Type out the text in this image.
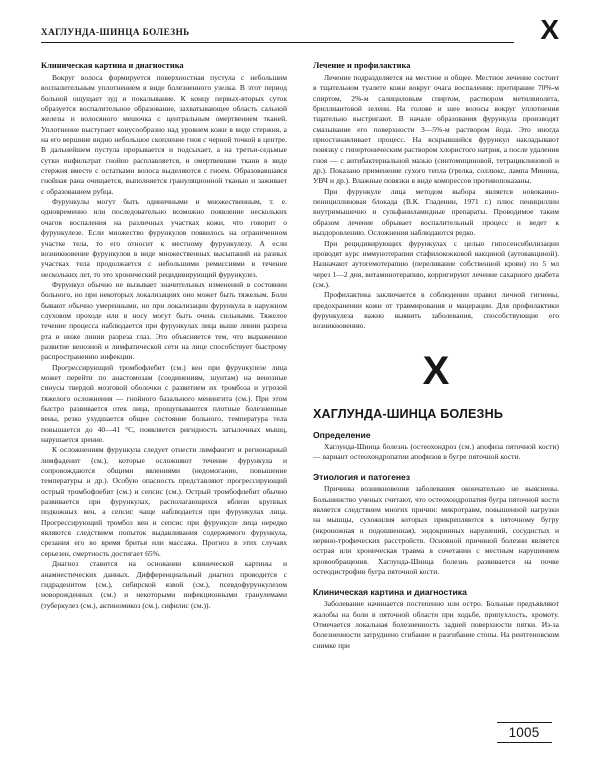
ХАГЛУНДА-ШИНЦА БОЛЕЗНЬ	Х
Клиническая картина и диагностика

Вокруг волоса формируется поверхностная пустула с небольшим воспалительным уплотнением в виде болезненного узелка. В этот период больной ощущает зуд и покалывание. К концу первых-вторых суток образуется воспалительное образование, захватывающее область сальной железы и волосяного мешочка с центральным омертвением тканей. Уплотнение выступает конусообразно над уровнем кожи в виде стержня, а на его вершине видно небольшое скопление гноя с черной точкой в центре. В дальнейшем пустула прорывается и подсыхает, а на третьи-седьмые сутки инфильтрат гнойно расплавляется, и омертвевшие ткани в виде стержня вместе с остатками волоса выделяются с гноем. Образовавшаяся гнойная рана очищается, выполняется грануляционной тканью и заживает с образованием рубца.

Фурункулы могут быть одиничными и множественным, т. е. одновременно или последовательно возможно появление нескольких очагов воспаления на различных участках кожи, что говорит о фурункулезе. Если множество фурункулов появилось на ограниченном участке тела, то его относит к местному фурункулезу. А если возникновение фурункулов в виде множественных высыпаний на разных участках тела продолжается с небольшими ремиссиями в течение нескольких лет, то это хронический рецидивирующий фурункулез.

Фурункул обычно не вызывает значительных изменений в состоянии больного, но при некоторых локализациях оно может быть тяжелым. Боли бывают обычно умеренными, но при локализации фурункула в наружном слуховом проходе или в носу могут быть очень сильными. Тяжелое течение процесса наблюдается при фурункулах лица выше линии разреза рта и ниже линии разреза глаз. Это объясняется тем, что выраженное развитие венозной и лимфатической сети на лице способствует быстрому распространению инфекции.

Прогрессирующий тромбофлебит (см.) вен при фурункулезе лица может перейти по анастомозам (соединениям, шунтам) на венозные синусы твердой мозговой оболочки с развитием их тромбоза и угрозой тяжелого осложнения — гнойного базального менингита (см.). При этом быстро развивается отек лица, прощупываются плотные болезненные вены, резко ухудшается общее состояние больного, температура тела повышается до 40—41 °C, появляется ригидность затылочных мышц, нарушается зрение.

К осложнениям фурункула следует отнести лимфангит и регионарный лимфаденит (см.), которые осложняют течение фурункула и сопровождаются общими явлениями (недомогание, повышение температуры и др.). Особую опасность представляют прогрессирующий острый тромбофлебит (см.) и сепсис (см.). Острый тромбофлебит обычно развивается при фурункулах, располагающихся вблизи крупных подкожных вен, а сепсис чаще наблюдается при фурункулах лица. Прогрессирующий тромбоз вен и сепсис при фурункуле лица нередко являются следствием попыток выдавливания содержимого фурункула, срезания его во время бритья или массажа. Прогноз в этих случаях серьезен, смертность достигает 65%.

Диагноз ставится на основании клинической картины и анамнестических данных. Дифференциальный диагноз проводится с гидраденитом (см.), сибирской язвой (см.), псевдофурункулезом новорожденных (см.) и некоторыми инфекционными гранулемами (туберкулез (см.), актиномикоз (см.), сифилис (см.)).

Лечение и профилактика

Лечение подразделяется на местное и общее. Местное лечение состоит в тщательном туалете кожи вокруг очага воспаления: протирание 70%-м спиртом, 2%-м салициловым спиртом, раствором метилвиолета, бриллиантовой зелени. На голове и шее волосы вокруг уплотнения тщательно выстригают. В начале образования фурункула производят смазывание его поверхности 3—5%-м раствором йода. Это иногда приостанавливает процесс. На вскрывшийся фурункул накладывают повязку с гипертоническим раствором хлористого натрия, а после удаления гноя — с антибактериальной мазью (синтомициновой, тетрациклиновой и др.). Показано применение сухого тепла (грелка, соллюкс, лампа Минина, УВЧ и др.). Влажные повязки в виде компрессов противопоказаны.

При фурункуле лица методом выбора является новокаино-пенициллиновая блокада (В.К. Гладенин, 1971 г.) плюс пенициллин внутримышечно и сульфаниламидные препараты. Проводимое таким образом лечение обрывает воспалительный процесс и ведет к выздоровлению. Осложнения наблюдаются редко.

При рецидивирующих фурункулах с целью гипосенсибилизации проводят курс иммунотерапии стафилококковой вакциной (аутовакциной). Назначают аутогемотерапию (переливание собственной крови) по 5 мл через 1—2 дня, витаминотерапию, корригируют лечение сахарного диабета (см.).

Профилактика заключается в соблюдении правил личной гигиены, предохранении кожи от травмирования и мацерации. Для профилактики фурункулеза важно выявить заболевания, способствующие его возникновению.

Х
ХАГЛУНДА-ШИНЦА БОЛЕЗНЬ
Определение

Хаглунда-Шинца болезнь (остеохондроз (см.) апофиза пяточной кости) — вариант остеохондропатии апофизов в бугре пяточной кости.

Этиология и патогенез

Причины возникновения заболевания окончательно не выяснены. Большинство ученых считают, что остеохондропатия бугра пяточной кости является следствием многих причин: микротравм, повышенной нагрузки на мышцы, сухожилия которых прикрепляются к пяточному бугру (икроножная и подошвенная), эндокринных нарушений, сосудистых и нервно-трофических расстройств. Основной причиной болезни является острая или хроническая травма в сочетании с местным нарушением кровообращения. Хаглунда-Шинца болезнь развивается на почве остеодистрофии бугра пяточной кости.

Клиническая картина и диагностика

Заболевание начинается постепенно или остро. Больные предъявляют жалобы на боли в пяточной области при ходьбе, припухлость, хромоту. Отмечается локальная болезненность задней поверхности пятки. Из-за болезненности затруднено сгибание и разгибание стопы. На рентгеновском снимке при

1005
